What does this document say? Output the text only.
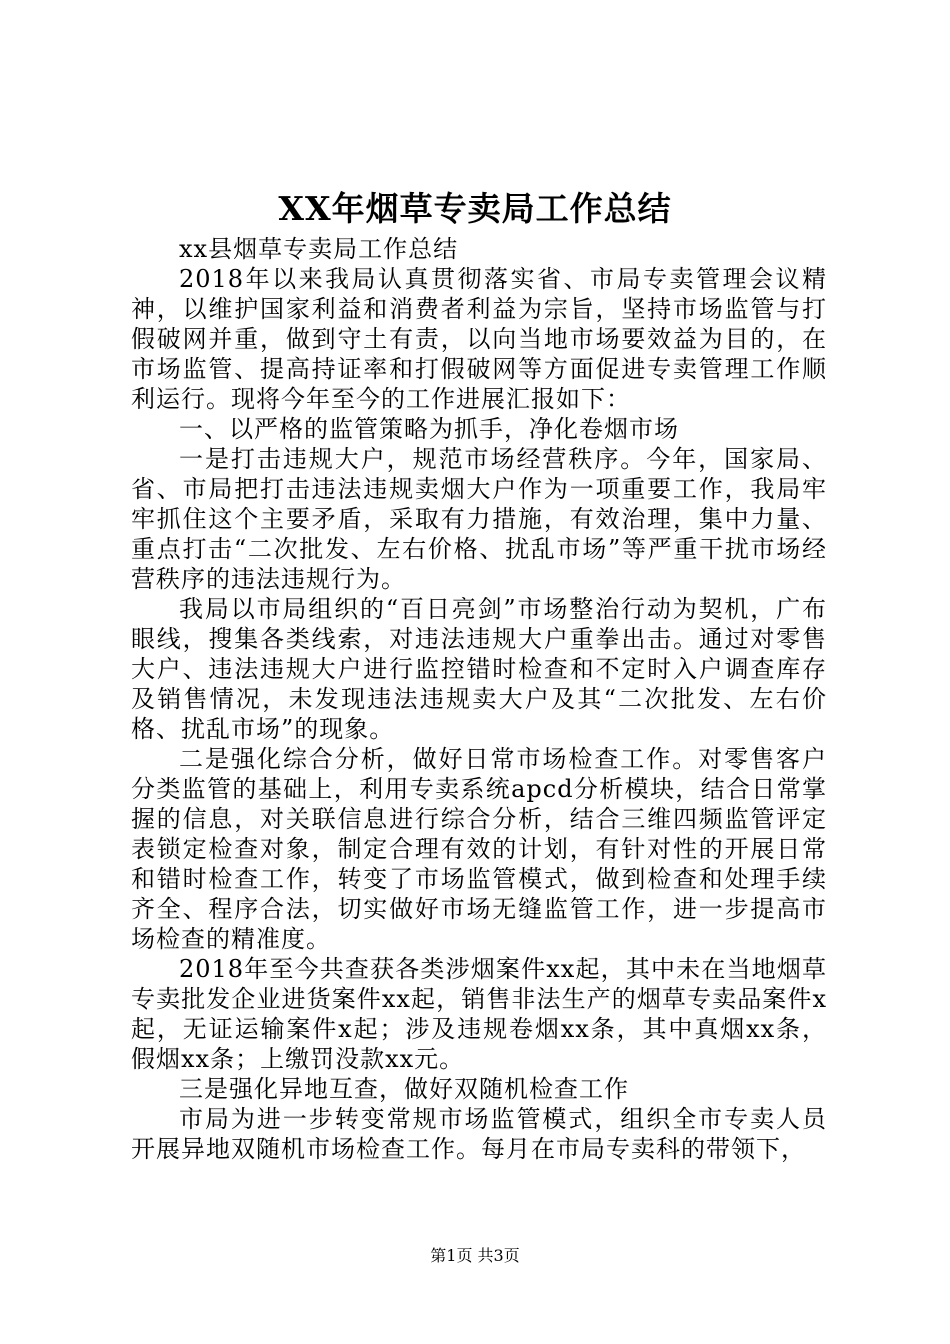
XX年烟草专卖局工作总结

xx县烟草专卖局工作总结

2018年以来我局认真贯彻落实省、市局专卖管理会议精神，以维护国家利益和消费者利益为宗旨，坚持市场监管与打假破网并重，做到守土有责，以向当地市场要效益为目的，在市场监管、提高持证率和打假破网等方面促进专卖管理工作顺利运行。现将今年至今的工作进展汇报如下：

一、以严格的监管策略为抓手，净化卷烟市场

一是打击违规大户，规范市场经营秩序。今年，国家局、省、市局把打击违法违规卖烟大户作为一项重要工作，我局牢牢抓住这个主要矛盾，采取有力措施，有效治理，集中力量、重点打击“二次批发、左右价格、扰乱市场”等严重干扰市场经营秩序的违法违规行为。

我局以市局组织的“百日亮剑”市场整治行动为契机，广布眼线，搜集各类线索，对违法违规大户重拳出击。通过对零售大户、违法违规大户进行监控错时检查和不定时入户调查库存及销售情况，未发现违法违规卖大户及其“二次批发、左右价格、扰乱市场”的现象。

二是强化综合分析，做好日常市场检查工作。对零售客户分类监管的基础上，利用专卖系统apcd分析模块，结合日常掌握的信息，对关联信息进行综合分析，结合三维四频监管评定表锁定检查对象，制定合理有效的计划，有针对性的开展日常和错时检查工作，转变了市场监管模式，做到检查和处理手续齐全、程序合法，切实做好市场无缝监管工作，进一步提高市场检查的精准度。

2018年至今共查获各类涉烟案件xx起，其中未在当地烟草专卖批发企业进货案件xx起，销售非法生产的烟草专卖品案件x起，无证运输案件x起；涉及违规卷烟xx条，其中真烟xx条，假烟xx条；上缴罚没款xx元。

三是强化异地互查，做好双随机检查工作

市局为进一步转变常规市场监管模式，组织全市专卖人员开展异地双随机市场检查工作。每月在市局专卖科的带领下，

第1页 共3页
